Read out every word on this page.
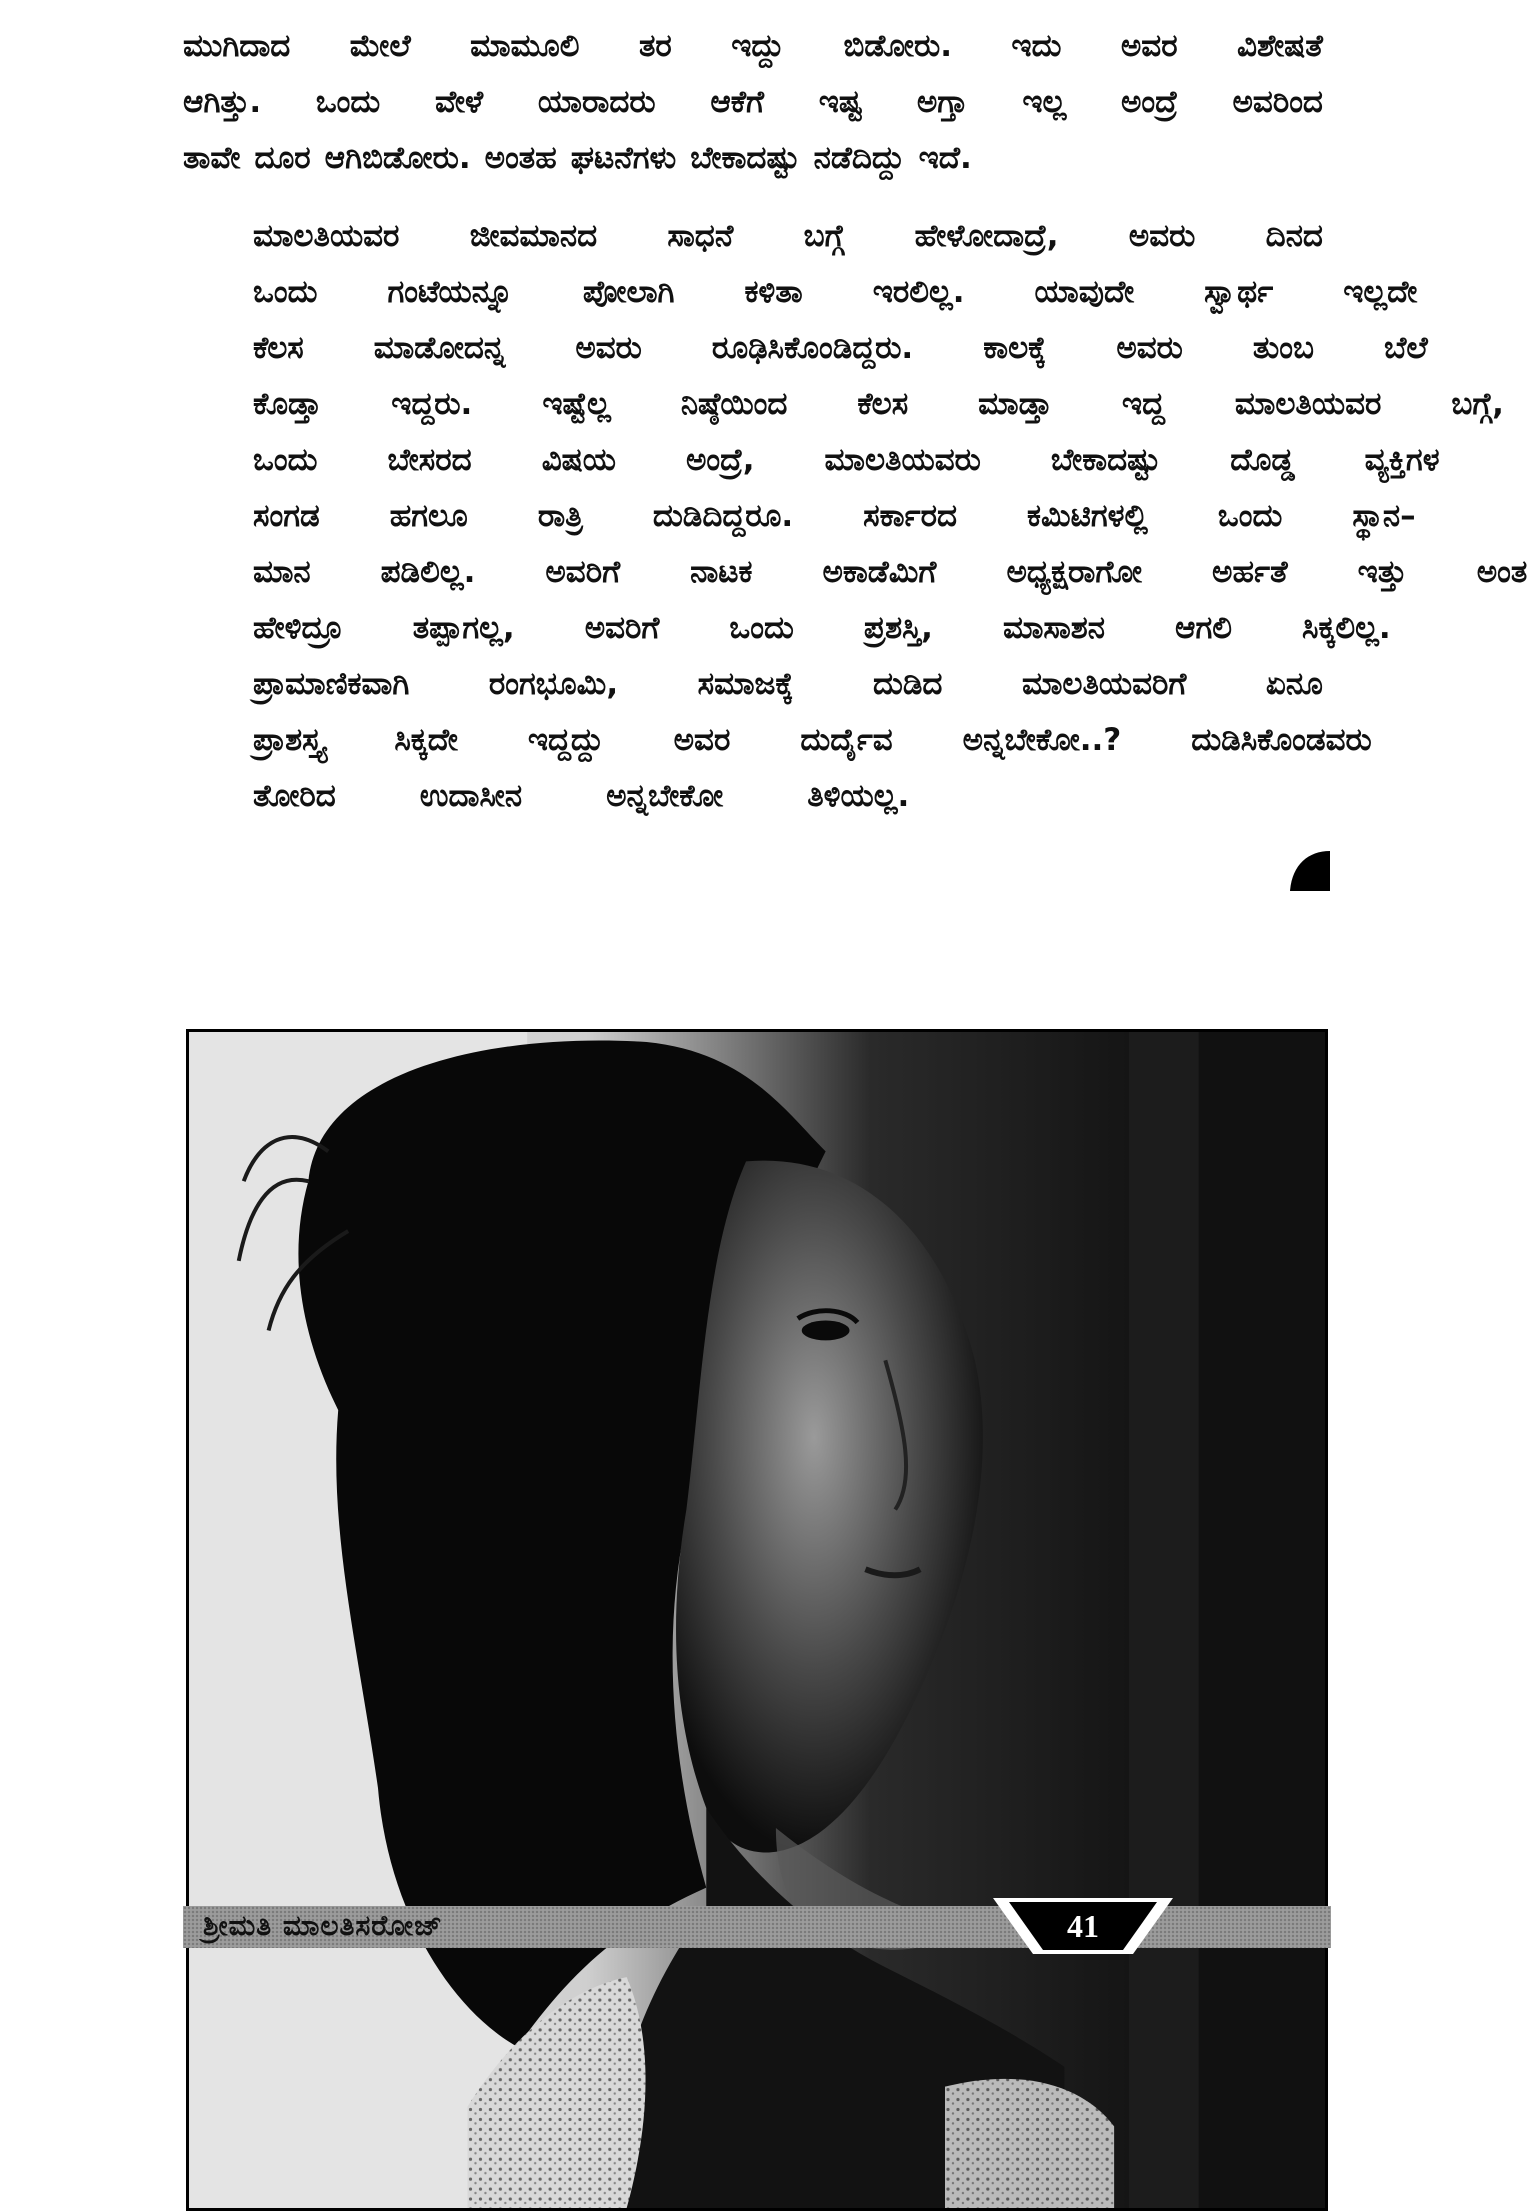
ಮುಗಿದಾದ ಮೇಲೆ ಮಾಮೂಲಿ ತರ ಇದ್ದು ಬಿಡೋರು. ಇದು ಅವರ ವಿಶೇಷತೆ
ಆಗಿತ್ತು. ಒಂದು ವೇಳೆ ಯಾರಾದರು ಆಕೆಗೆ ಇಷ್ಟ ಅಗ್ತಾ ಇಲ್ಲ ಅಂದ್ರೆ ಅವರಿಂದ
ತಾವೇ ದೂರ ಆಗಿಬಿಡೋರು. ಅಂತಹ ಘಟನೆಗಳು ಬೇಕಾದಷ್ಟು ನಡೆದಿದ್ದು ಇದೆ.
ಮಾಲತಿಯವರ	ಜೀವಮಾನದ	ಸಾಧನೆ	ಬಗ್ಗೆ	ಹೇಳೋದಾದ್ರೆ,	ಅವರು	ದಿನದ
ಒಂದು	ಗಂಟೆಯನ್ನೂ	ಪೋಲಾಗಿ	ಕಳಿತಾ	ಇರಲಿಲ್ಲ.	ಯಾವುದೇ	ಸ್ವಾರ್ಥ	ಇಲ್ಲದೇ
ಕೆಲಸ	ಮಾಡೋದನ್ನ	ಅವರು	ರೂಢಿಸಿಕೊಂಡಿದ್ದರು.	ಕಾಲಕ್ಕೆ	ಅವರು	ತುಂಬ	ಬೆಲೆ
ಕೊಡ್ತಾ	ಇದ್ದರು.	ಇಷ್ಟೆಲ್ಲ	ನಿಷ್ಠೆಯಿಂದ	ಕೆಲಸ	ಮಾಡ್ತಾ	ಇದ್ದ	ಮಾಲತಿಯವರ	ಬಗ್ಗೆ,
ಒಂದು	ಬೇಸರದ	ವಿಷಯ	ಅಂದ್ರೆ,	ಮಾಲತಿಯವರು	ಬೇಕಾದಷ್ಟು	ದೊಡ್ಡ	ವ್ಯಕ್ತಿಗಳ
ಸಂಗಡ	ಹಗಲೂ	ರಾತ್ರಿ	ದುಡಿದಿದ್ದರೂ.	ಸರ್ಕಾರದ	ಕಮಿಟಿಗಳಲ್ಲಿ	ಒಂದು	ಸ್ಥಾನ–
ಮಾನ	ಪಡಿಲಿಲ್ಲ.	ಅವರಿಗೆ	ನಾಟಕ	ಅಕಾಡೆಮಿಗೆ	ಅಧ್ಯಕ್ಷರಾಗೋ	ಅರ್ಹತೆ	ಇತ್ತು	ಅಂತ
ಹೇಳಿದ್ರೂ	ತಪ್ಪಾಗಲ್ಲ,	ಅವರಿಗೆ	ಒಂದು	ಪ್ರಶಸ್ತಿ,	ಮಾಸಾಶನ	ಆಗಲಿ	ಸಿಕ್ಕಲಿಲ್ಲ.
ಪ್ರಾಮಾಣಿಕವಾಗಿ	ರಂಗಭೂಮಿ,	ಸಮಾಜಕ್ಕೆ	ದುಡಿದ	ಮಾಲತಿಯವರಿಗೆ	ಏನೂ
ಪ್ರಾಶಸ್ತ್ಯ	ಸಿಕ್ಕದೇ	ಇದ್ದದ್ದು	ಅವರ	ದುರ್ದೈವ	ಅನ್ನಬೇಕೋ..?	ದುಡಿಸಿಕೊಂಡವರು
ತೋರಿದ	ಉದಾಸೀನ	ಅನ್ನಬೇಕೋ	ತಿಳಿಯಲ್ಲ.
ಶ್ರೀಮತಿ ಮಾಲತಿಸರೋಜ್	41
